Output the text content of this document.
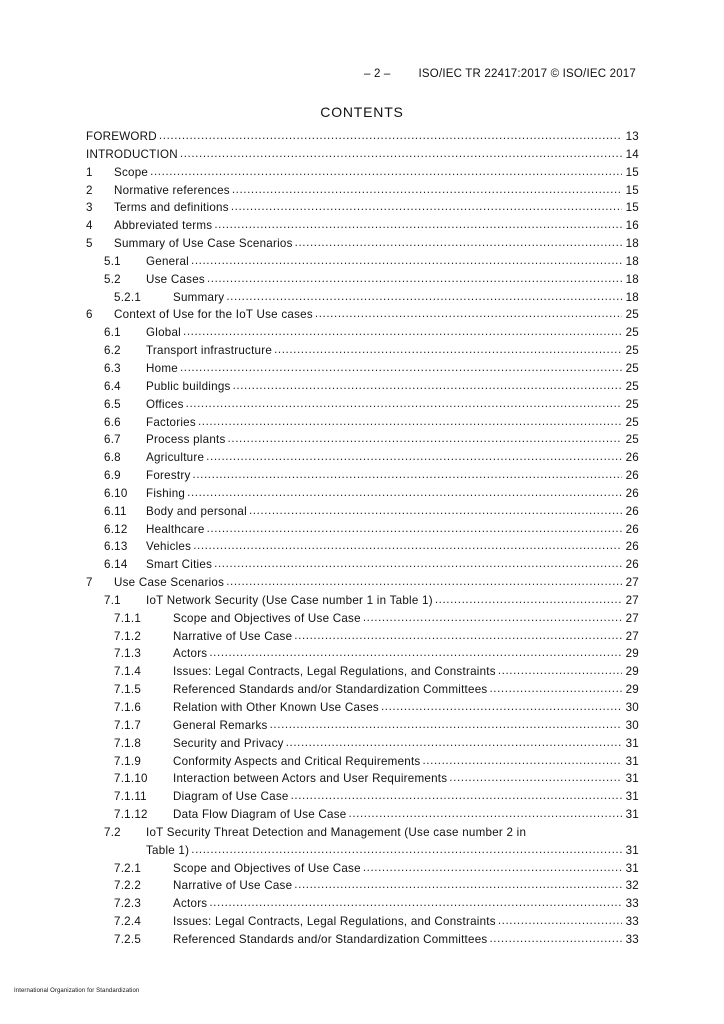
– 2 – ISO/IEC TR 22417:2017 © ISO/IEC 2017
CONTENTS
FOREWORD .....	13
INTRODUCTION .....	14
1 Scope .....	15
2 Normative references .....	15
3 Terms and definitions .....	15
4 Abbreviated terms .....	16
5 Summary of Use Case Scenarios .....	18
5.1 General .....	18
5.2 Use Cases .....	18
5.2.1	Summary .....	18
6 Context of Use for the IoT Use cases .....	25
6.1 Global .....	25
6.2 Transport infrastructure .....	25
6.3 Home .....	25
6.4 Public buildings .....	25
6.5 Offices .....	25
6.6 Factories .....	25
6.7 Process plants .....	25
6.8 Agriculture .....	26
6.9 Forestry .....	26
6.10 Fishing .....	26
6.11 Body and personal .....	26
6.12 Healthcare .....	26
6.13 Vehicles .....	26
6.14 Smart Cities .....	26
7 Use Case Scenarios .....	27
7.1 IoT Network Security (Use Case number 1 in Table 1) .....	27
7.1.1	Scope and Objectives of Use Case .....	27
7.1.2	Narrative of Use Case .....	27
7.1.3	Actors .....	29
7.1.4	Issues: Legal Contracts, Legal Regulations, and Constraints .....	29
7.1.5	Referenced Standards and/or Standardization Committees .....	29
7.1.6	Relation with Other Known Use Cases .....	30
7.1.7	General Remarks .....	30
7.1.8	Security and Privacy .....	31
7.1.9	Conformity Aspects and Critical Requirements .....	31
7.1.10 Interaction between Actors and User Requirements .....	31
7.1.11 Diagram of Use Case .....	31
7.1.12 Data Flow Diagram of Use Case .....	31
7.2 IoT Security Threat Detection and Management (Use case number 2 in
Table 1) .....	31
7.2.1	Scope and Objectives of Use Case .....	31
7.2.2	Narrative of Use Case .....	32
7.2.3	Actors .....	33
7.2.4	Issues: Legal Contracts, Legal Regulations, and Constraints .....	33
7.2.5	Referenced Standards and/or Standardization Committees .....	33
International Organization for Standardization
